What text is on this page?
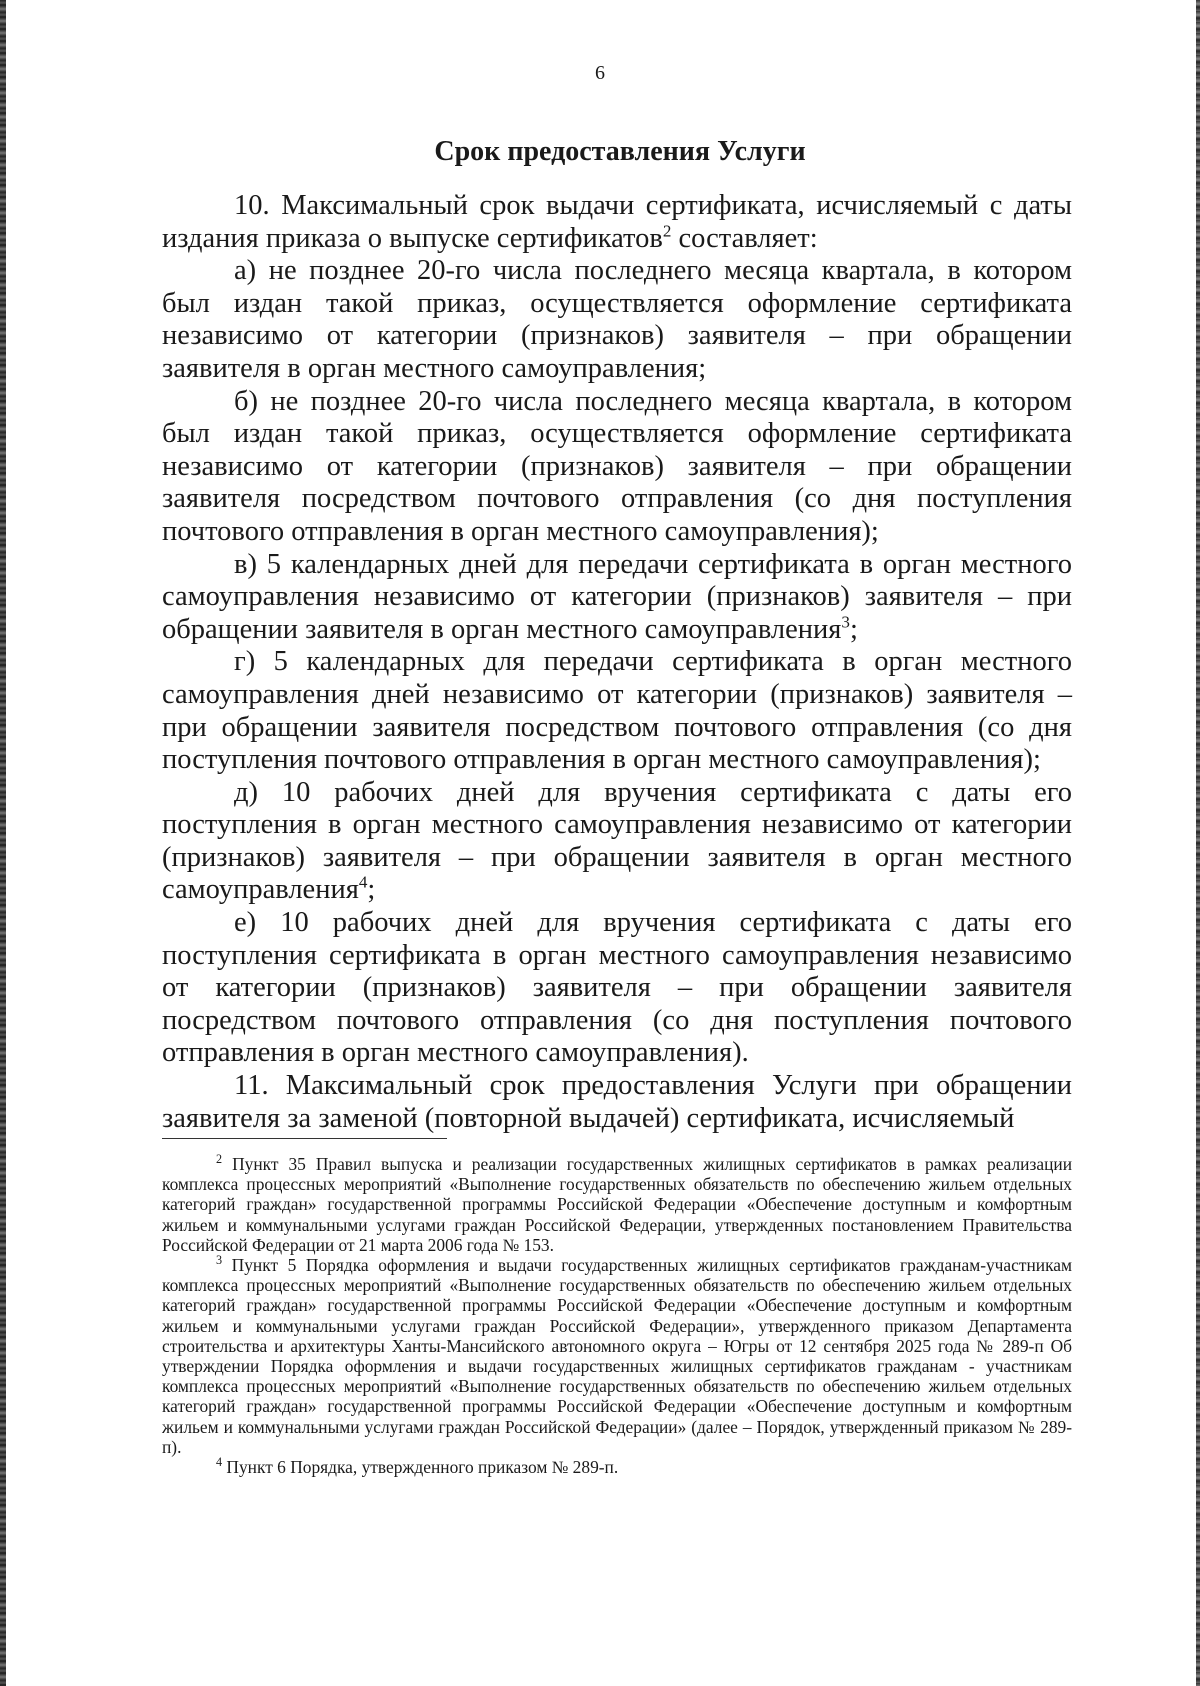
6
Срок предоставления Услуги

10. Максимальный срок выдачи сертификата, исчисляемый с даты издания приказа о выпуске сертификатов$^2$ составляет:

а) не позднее 20-го числа последнего месяца квартала, в котором был издан такой приказ, осуществляется оформление сертификата независимо от категории (признаков) заявителя – при обращении заявителя в орган местного самоуправления;

б) не позднее 20-го числа последнего месяца квартала, в котором был издан такой приказ, осуществляется оформление сертификата независимо от категории (признаков) заявителя – при обращении заявителя посредством почтового отправления (со дня поступления почтового отправления в орган местного самоуправления);

в) 5 календарных дней для передачи сертификата в орган местного самоуправления независимо от категории (признаков) заявителя – при обращении заявителя в орган местного самоуправления$^3$;

г) 5 календарных для передачи сертификата в орган местного самоуправления дней независимо от категории (признаков) заявителя – при обращении заявителя посредством почтового отправления (со дня поступления почтового отправления в орган местного самоуправления);

д) 10 рабочих дней для вручения сертификата с даты его поступления в орган местного самоуправления независимо от категории (признаков) заявителя – при обращении заявителя в орган местного самоуправления$^4$;

е) 10 рабочих дней для вручения сертификата с даты его поступления сертификата в орган местного самоуправления независимо от категории (признаков) заявителя – при обращении заявителя посредством почтового отправления (со дня поступления почтового отправления в орган местного самоуправления).

11. Максимальный срок предоставления Услуги при обращении заявителя за заменой (повторной выдачей) сертификата, исчисляемый

$^2$ Пункт 35 Правил выпуска и реализации государственных жилищных сертификатов в рамках реализации комплекса процессных мероприятий «Выполнение государственных обязательств по обеспечению жильем отдельных категорий граждан» государственной программы Российской Федерации «Обеспечение доступным и комфортным жильем и коммунальными услугами граждан Российской Федерации, утвержденных постановлением Правительства Российской Федерации от 21 марта 2006 года № 153.

$^3$ Пункт 5 Порядка оформления и выдачи государственных жилищных сертификатов гражданам-участникам комплекса процессных мероприятий «Выполнение государственных обязательств по обеспечению жильем отдельных категорий граждан» государственной программы Российской Федерации «Обеспечение доступным и комфортным жильем и коммунальными услугами граждан Российской Федерации», утвержденного приказом Департамента строительства и архитектуры Ханты-Мансийского автономного округа – Югры от 12 сентября 2025 года № 289-п Об утверждении Порядка оформления и выдачи государственных жилищных сертификатов гражданам - участникам комплекса процессных мероприятий «Выполнение государственных обязательств по обеспечению жильем отдельных категорий граждан» государственной программы Российской Федерации «Обеспечение доступным и комфортным жильем и коммунальными услугами граждан Российской Федерации» (далее – Порядок, утвержденный приказом № 289-п).

$^4$ Пункт 6 Порядка, утвержденного приказом № 289-п.
